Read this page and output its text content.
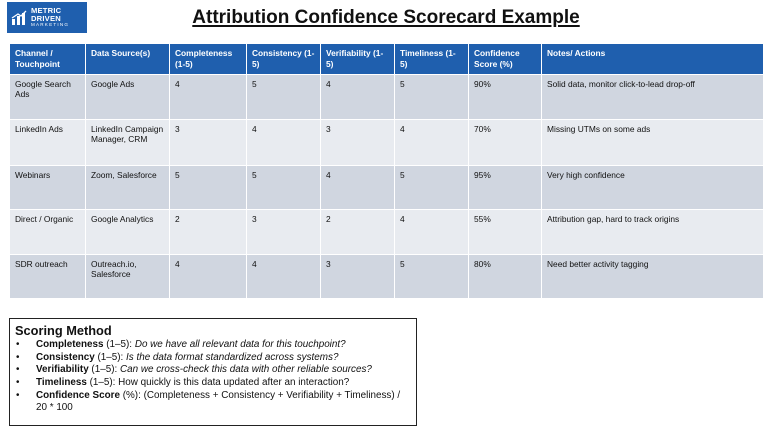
METRIC
DRIVEN
MARKETING	Attribution Confidence Scorecard Example
Channel / Touchpoint	Data Source(s)	Completeness (1-5)	Consistency (1-5)	Verifiability (1-5)	Timeliness (1-5)	Confidence Score (%)	Notes/ Actions
Google Search Ads	Google Ads	4	5	4	5	90%	Solid data, monitor click-to-lead drop-off
LinkedIn Ads	LinkedIn Campaign Manager, CRM	3	4	3	4	70%	Missing UTMs on some ads
Webinars	Zoom, Salesforce	5	5	4	5	95%	Very high confidence
Direct / Organic	Google Analytics	2	3	2	4	55%	Attribution gap, hard to track origins
SDR outreach	Outreach.io, Salesforce	4	4	3	5	80%	Need better activity tagging
Scoring Method
•	Completeness (1–5): Do we have all relevant data for this touchpoint?
•	Consistency (1–5): Is the data format standardized across systems?
•	Verifiability (1–5): Can we cross-check this data with other reliable sources?
•	Timeliness (1–5): How quickly is this data updated after an interaction?
•	Confidence Score (%): (Completeness + Consistency + Verifiability + Timeliness) / 20 * 100
